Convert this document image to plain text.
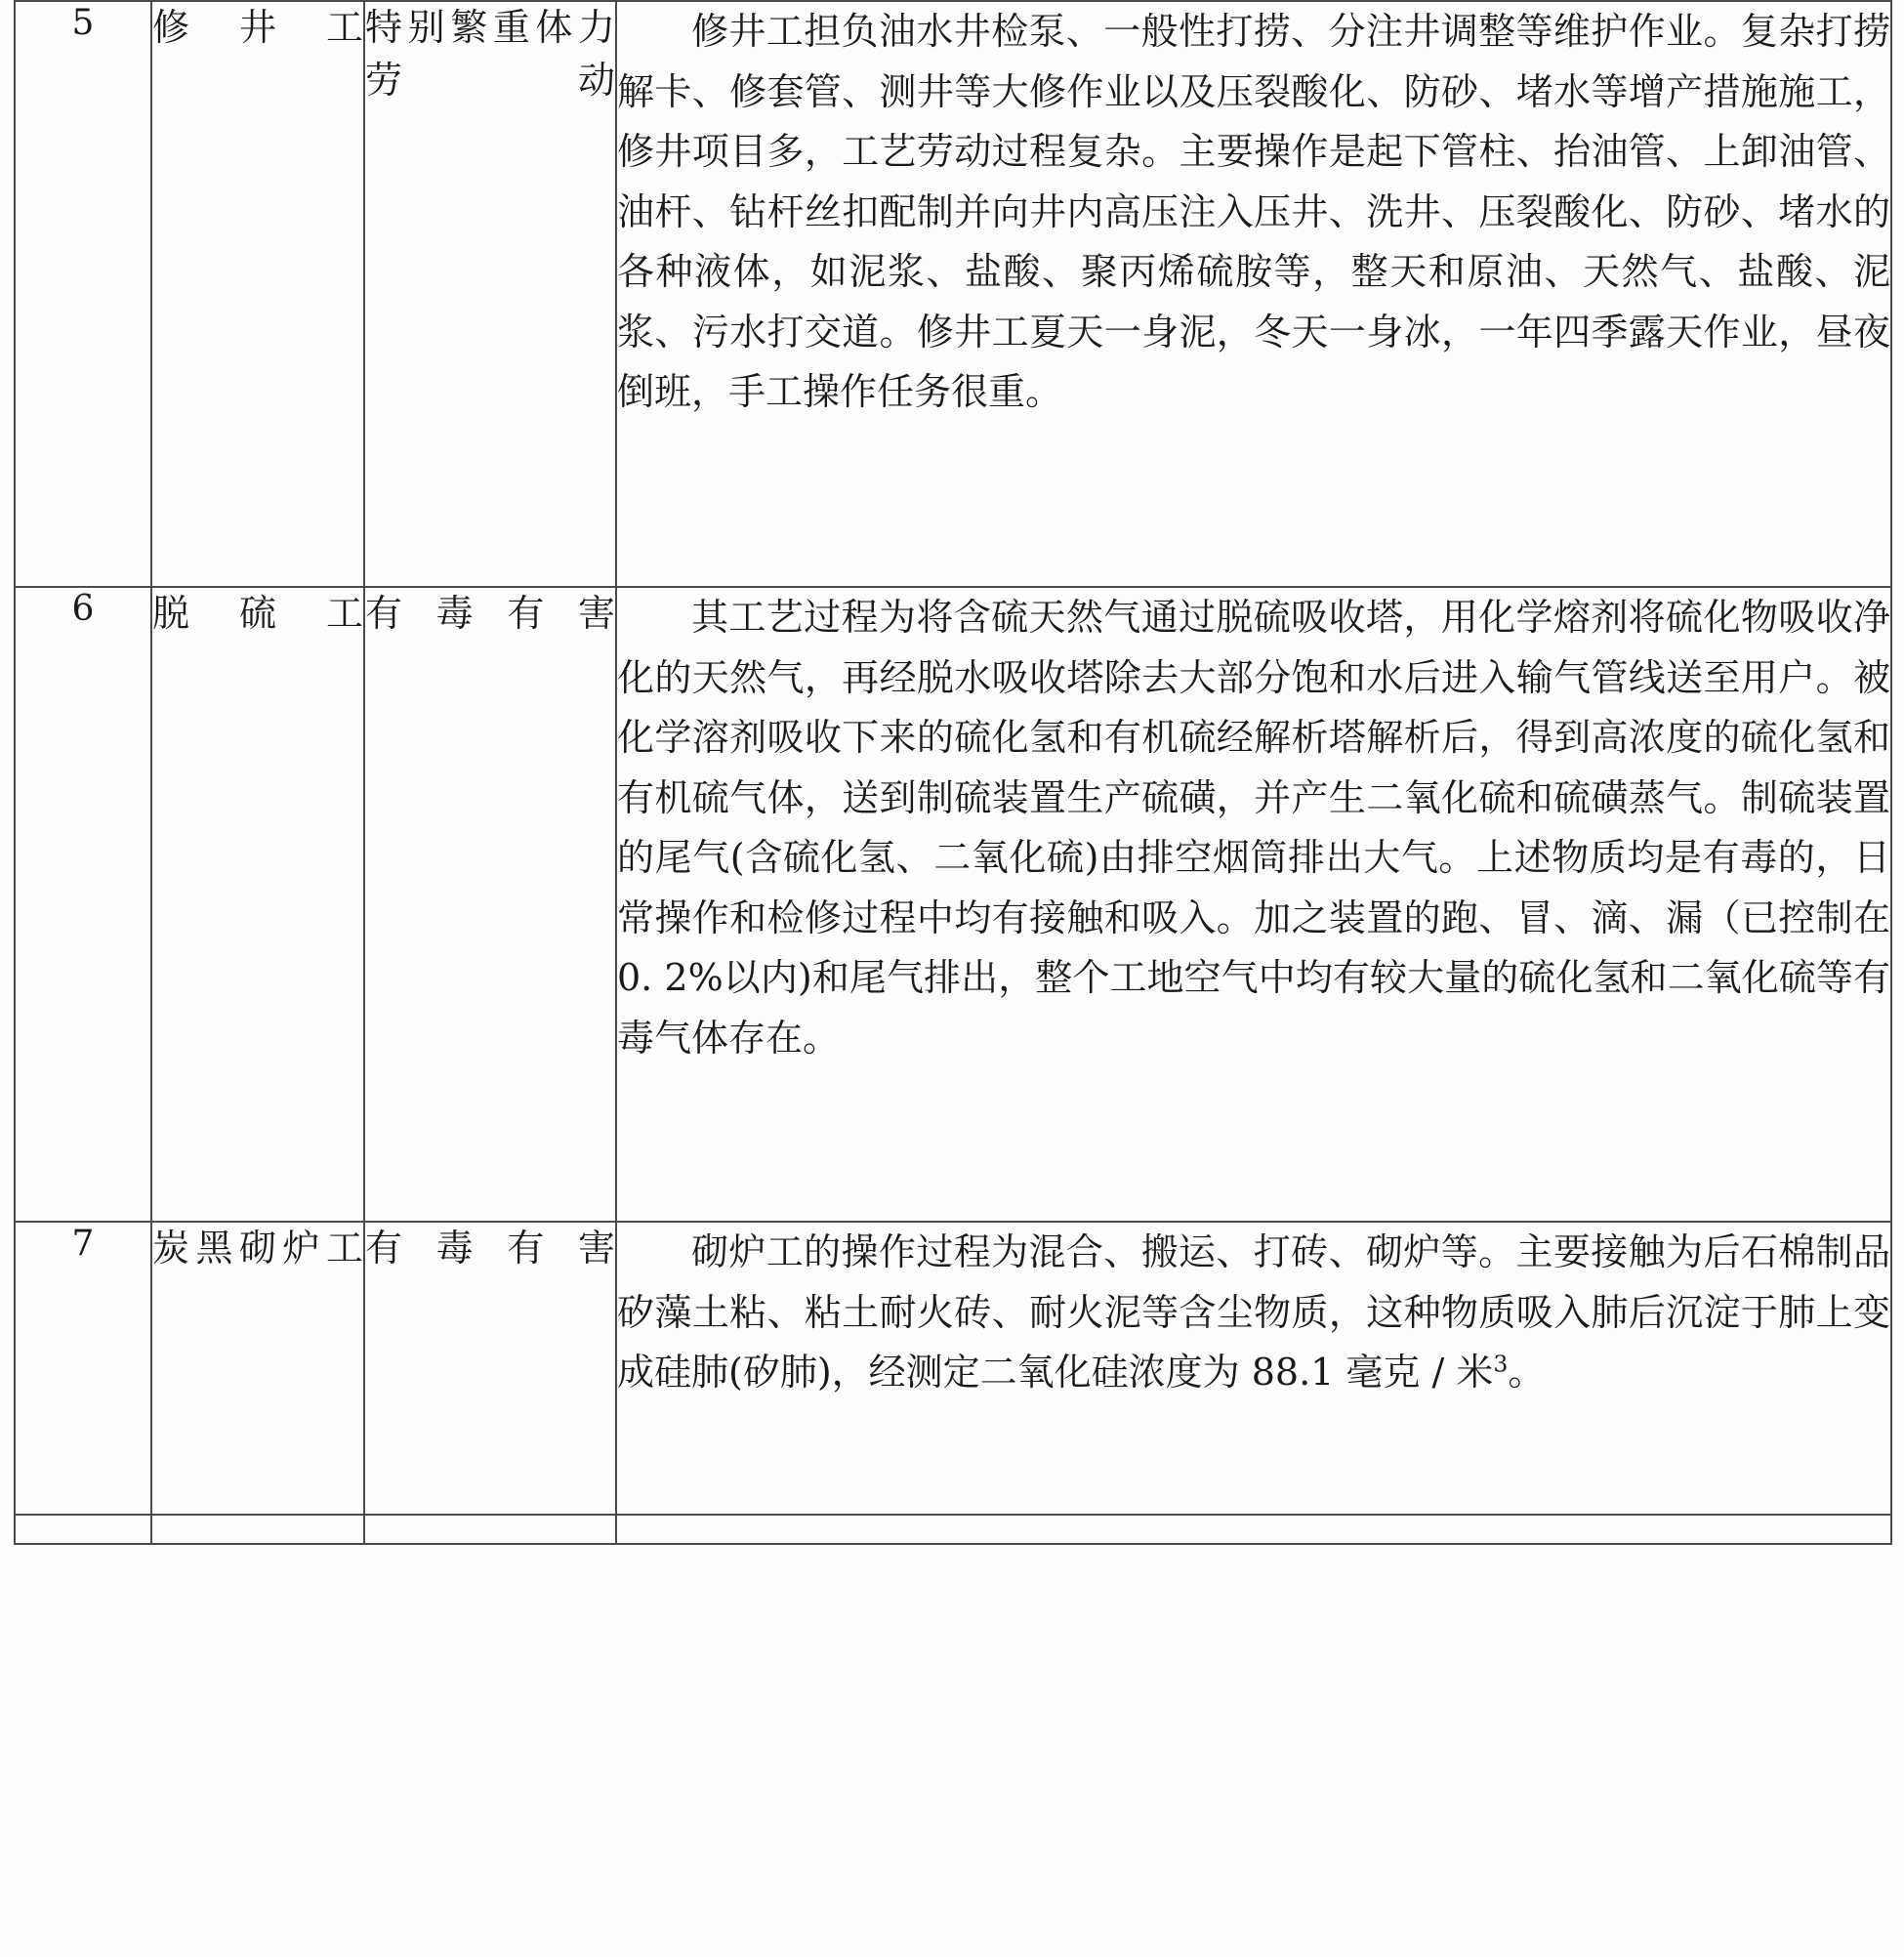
5	修井工	特别繁重体力劳动	修井工担负油水井检泵、一般性打捞、分注井调整等维护作业。复杂打捞解卡、修套管、测井等大修作业以及压裂酸化、防砂、堵水等增产措施施工，修井项目多，工艺劳动过程复杂。主要操作是起下管柱、抬油管、上卸油管、油杆、钻杆丝扣配制并向井内高压注入压井、洗井、压裂酸化、防砂、堵水的各种液体，如泥浆、盐酸、聚丙烯硫胺等，整天和原油、天然气、盐酸、泥浆、污水打交道。修井工夏天一身泥，冬天一身冰，一年四季露天作业，昼夜倒班，手工操作任务很重。

6	脱硫工	有毒有害	其工艺过程为将含硫天然气通过脱硫吸收塔，用化学熔剂将硫化物吸收净化的天然气，再经脱水吸收塔除去大部分饱和水后进入输气管线送至用户。被化学溶剂吸收下来的硫化氢和有机硫经解析塔解析后，得到高浓度的硫化氢和有机硫气体，送到制硫装置生产硫磺，并产生二氧化硫和硫磺蒸气。制硫装置的尾气(含硫化氢、二氧化硫)由排空烟筒排出大气。上述物质均是有毒的，日常操作和检修过程中均有接触和吸入。加之装置的跑、冒、滴、漏（已控制在 0. 2%以内)和尾气排出，整个工地空气中均有较大量的硫化氢和二氧化硫等有毒气体存在。

7	炭黑砌炉工	有毒有害	砌炉工的操作过程为混合、搬运、打砖、砌炉等。主要接触为后石棉制品矽藻土粘、粘土耐火砖、耐火泥等含尘物质，这种物质吸入肺后沉淀于肺上变成硅肺(矽肺)，经测定二氧化硅浓度为 88.1 毫克 / 米$^3$。
